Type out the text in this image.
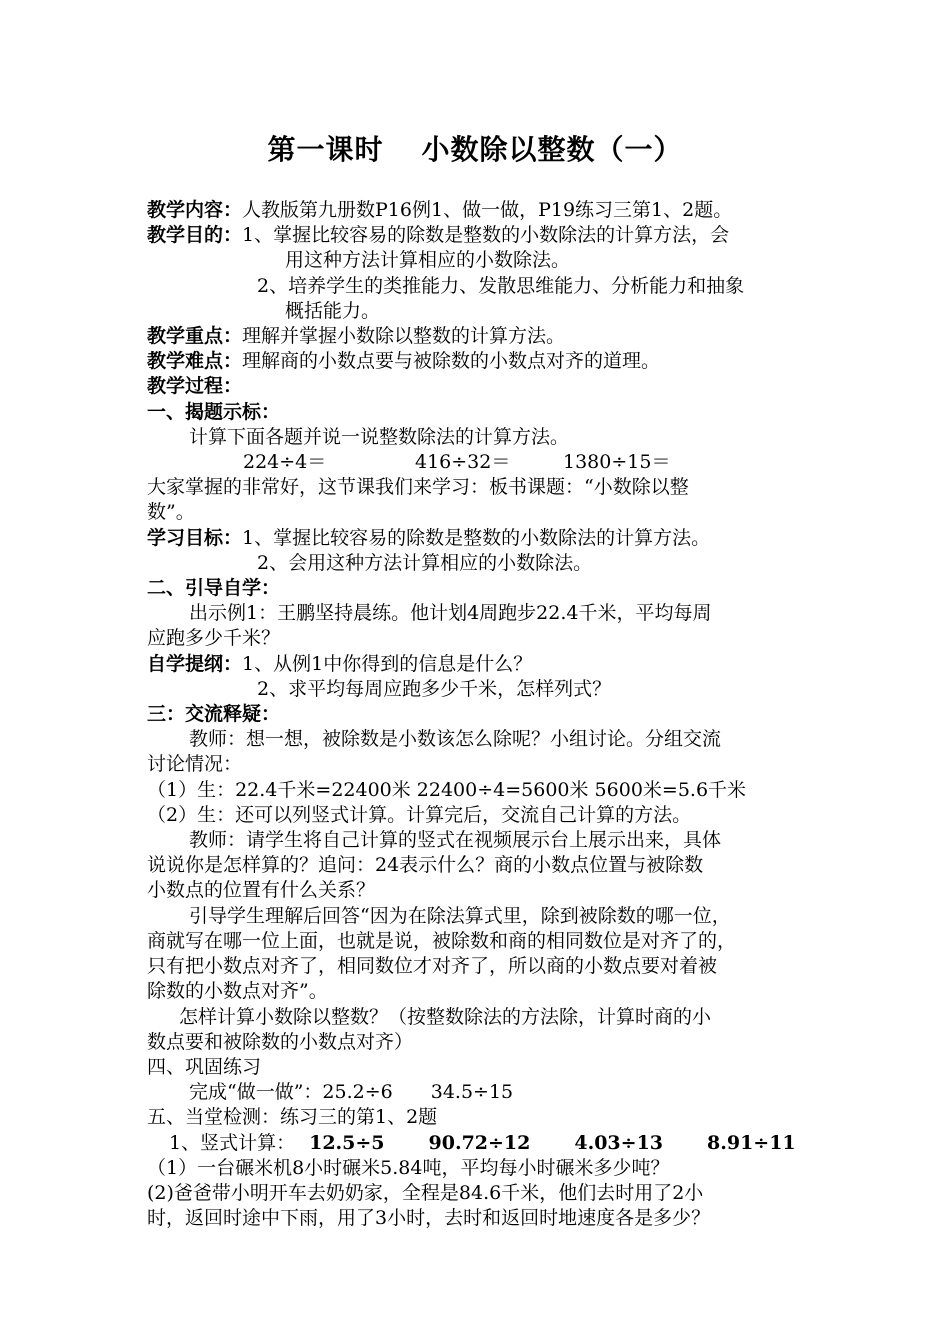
第一课时 小数除以整数（一）
教学内容：人教版第九册数P16例1、做一做，P19练习三第1、2题。
教学目的：1、掌握比较容易的除数是整数的小数除法的计算方法，会
用这种方法计算相应的小数除法。
2、培养学生的类推能力、发散思维能力、分析能力和抽象
概括能力。
教学重点：理解并掌握小数除以整数的计算方法。
教学难点：理解商的小数点要与被除数的小数点对齐的道理。
教学过程：
一、揭题示标：
计算下面各题并说一说整数除法的计算方法。
224÷4＝	416÷32＝	1380÷15＝
大家掌握的非常好，这节课我们来学习：板书课题：“小数除以整
数”。
学习目标：1、掌握比较容易的除数是整数的小数除法的计算方法。
2、会用这种方法计算相应的小数除法。
二、引导自学：
出示例1：王鹏坚持晨练。他计划4周跑步22.4千米，平均每周
应跑多少千米？
自学提纲：1、从例1中你得到的信息是什么？
2、求平均每周应跑多少千米，怎样列式？
三：交流释疑：
教师：想一想，被除数是小数该怎么除呢？小组讨论。分组交流
讨论情况：
（1）生：22.4千米=22400米 22400÷4=5600米 5600米=5.6千米
（2）生：还可以列竖式计算。计算完后，交流自己计算的方法。
教师：请学生将自己计算的竖式在视频展示台上展示出来，具体
说说你是怎样算的？追问：24表示什么？商的小数点位置与被除数
小数点的位置有什么关系？
引导学生理解后回答“因为在除法算式里，除到被除数的哪一位，
商就写在哪一位上面，也就是说，被除数和商的相同数位是对齐了的，
只有把小数点对齐了，相同数位才对齐了，所以商的小数点要对着被
除数的小数点对齐”。
怎样计算小数除以整数？（按整数除法的方法除，计算时商的小
数点要和被除数的小数点对齐）
四、巩固练习
完成“做一做”：25.2÷6　　34.5÷15
五、当堂检测：练习三的第1、2题
1、竖式计算： 12.5÷5 90.72÷12 4.03÷13 8.91÷11
（1）一台碾米机8小时碾米5.84吨，平均每小时碾米多少吨？
(2)爸爸带小明开车去奶奶家，全程是84.6千米，他们去时用了2小
时，返回时途中下雨，用了3小时，去时和返回时地速度各是多少？
